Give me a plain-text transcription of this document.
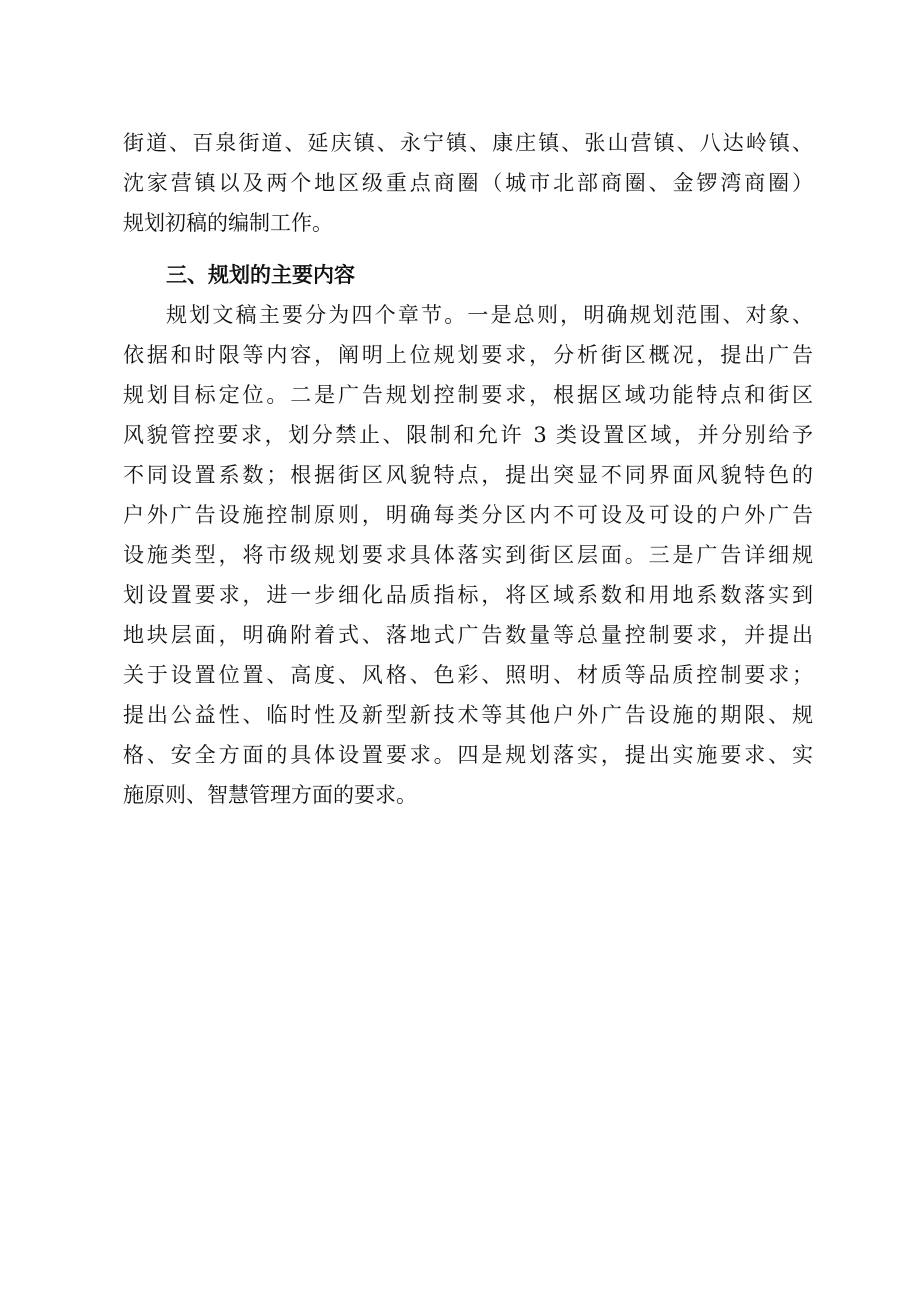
街道、百泉街道、延庆镇、永宁镇、康庄镇、张山营镇、八达岭镇、
沈家营镇以及两个地区级重点商圈（城市北部商圈、金锣湾商圈）
规划初稿的编制工作。
三、规划的主要内容
规划文稿主要分为四个章节。一是总则，明确规划范围、对象、
依据和时限等内容，阐明上位规划要求，分析街区概况，提出广告
规划目标定位。二是广告规划控制要求，根据区域功能特点和街区
风貌管控要求，划分禁止、限制和允许 3 类设置区域，并分别给予
不同设置系数；根据街区风貌特点，提出突显不同界面风貌特色的
户外广告设施控制原则，明确每类分区内不可设及可设的户外广告
设施类型，将市级规划要求具体落实到街区层面。三是广告详细规
划设置要求，进一步细化品质指标，将区域系数和用地系数落实到
地块层面，明确附着式、落地式广告数量等总量控制要求，并提出
关于设置位置、高度、风格、色彩、照明、材质等品质控制要求；
提出公益性、临时性及新型新技术等其他户外广告设施的期限、规
格、安全方面的具体设置要求。四是规划落实，提出实施要求、实
施原则、智慧管理方面的要求。
